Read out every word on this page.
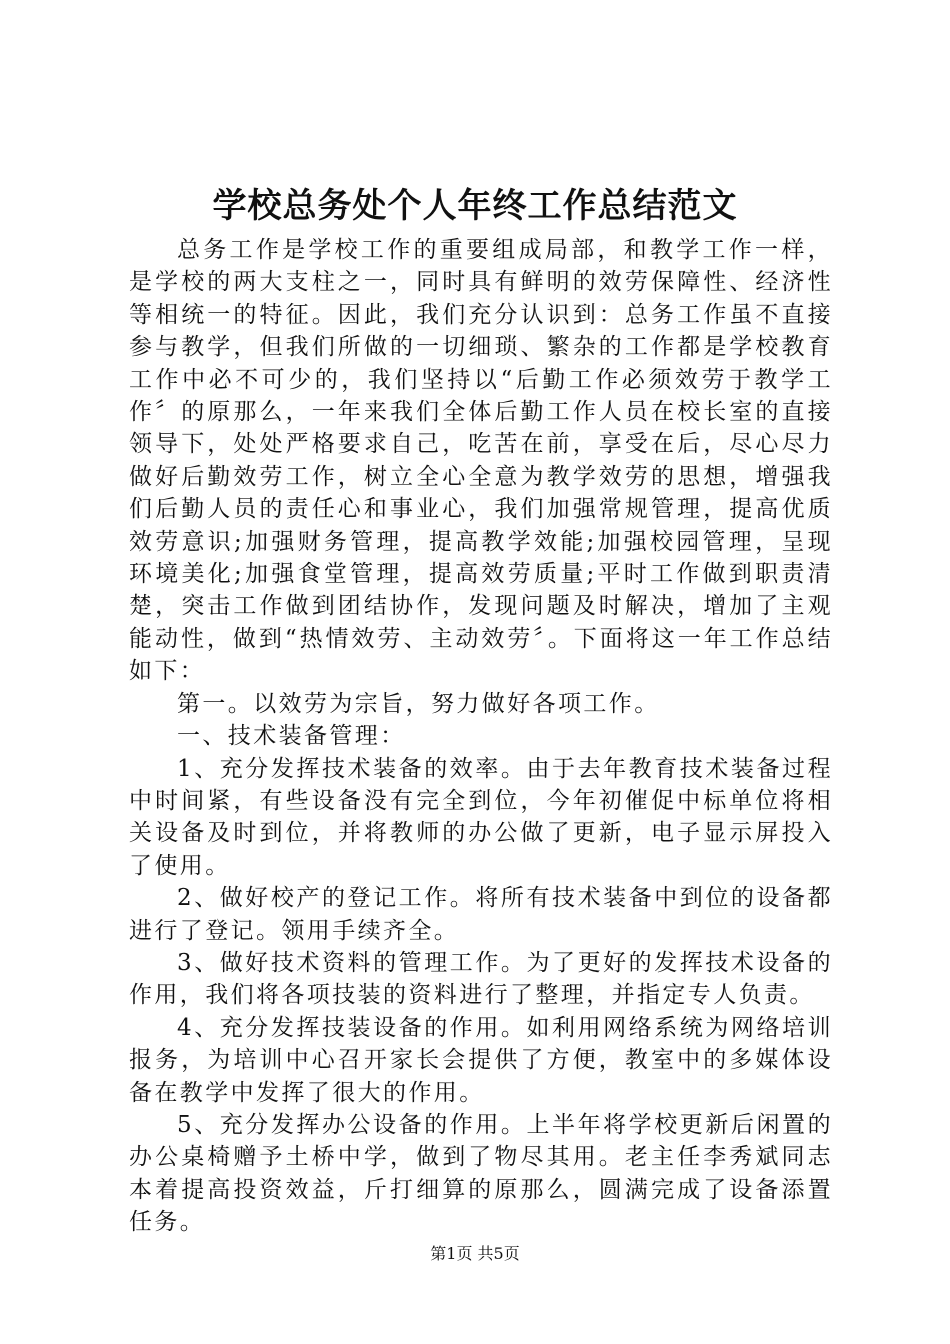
学校总务处个人年终工作总结范文

总务工作是学校工作的重要组成局部，和教学工作一样，是学校的两大支柱之一，同时具有鲜明的效劳保障性、经济性等相统一的特征。因此，我们充分认识到：总务工作虽不直接参与教学，但我们所做的一切细琐、繁杂的工作都是学校教育工作中必不可少的，我们坚持以“后勤工作必须效劳于教学工作〞的原那么，一年来我们全体后勤工作人员在校长室的直接领导下，处处严格要求自己，吃苦在前，享受在后，尽心尽力做好后勤效劳工作，树立全心全意为教学效劳的思想，增强我们后勤人员的责任心和事业心，我们加强常规管理，提高优质效劳意识;加强财务管理，提高教学效能;加强校园管理，呈现环境美化;加强食堂管理，提高效劳质量;平时工作做到职责清楚，突击工作做到团结协作，发现问题及时解决，增加了主观能动性，做到“热情效劳、主动效劳〞。下面将这一年工作总结如下：

第一。以效劳为宗旨，努力做好各项工作。

一、技术装备管理：

1、充分发挥技术装备的效率。由于去年教育技术装备过程中时间紧，有些设备没有完全到位，今年初催促中标单位将相关设备及时到位，并将教师的办公做了更新，电子显示屏投入了使用。

2、做好校产的登记工作。将所有技术装备中到位的设备都进行了登记。领用手续齐全。

3、做好技术资料的管理工作。为了更好的发挥技术设备的作用，我们将各项技装的资料进行了整理，并指定专人负责。

4、充分发挥技装设备的作用。如利用网络系统为网络培训报务，为培训中心召开家长会提供了方便，教室中的多媒体设备在教学中发挥了很大的作用。

5、充分发挥办公设备的作用。上半年将学校更新后闲置的办公桌椅赠予土桥中学，做到了物尽其用。老主任李秀斌同志本着提高投资效益，斤打细算的原那么，圆满完成了设备添置任务。

第1页 共5页
